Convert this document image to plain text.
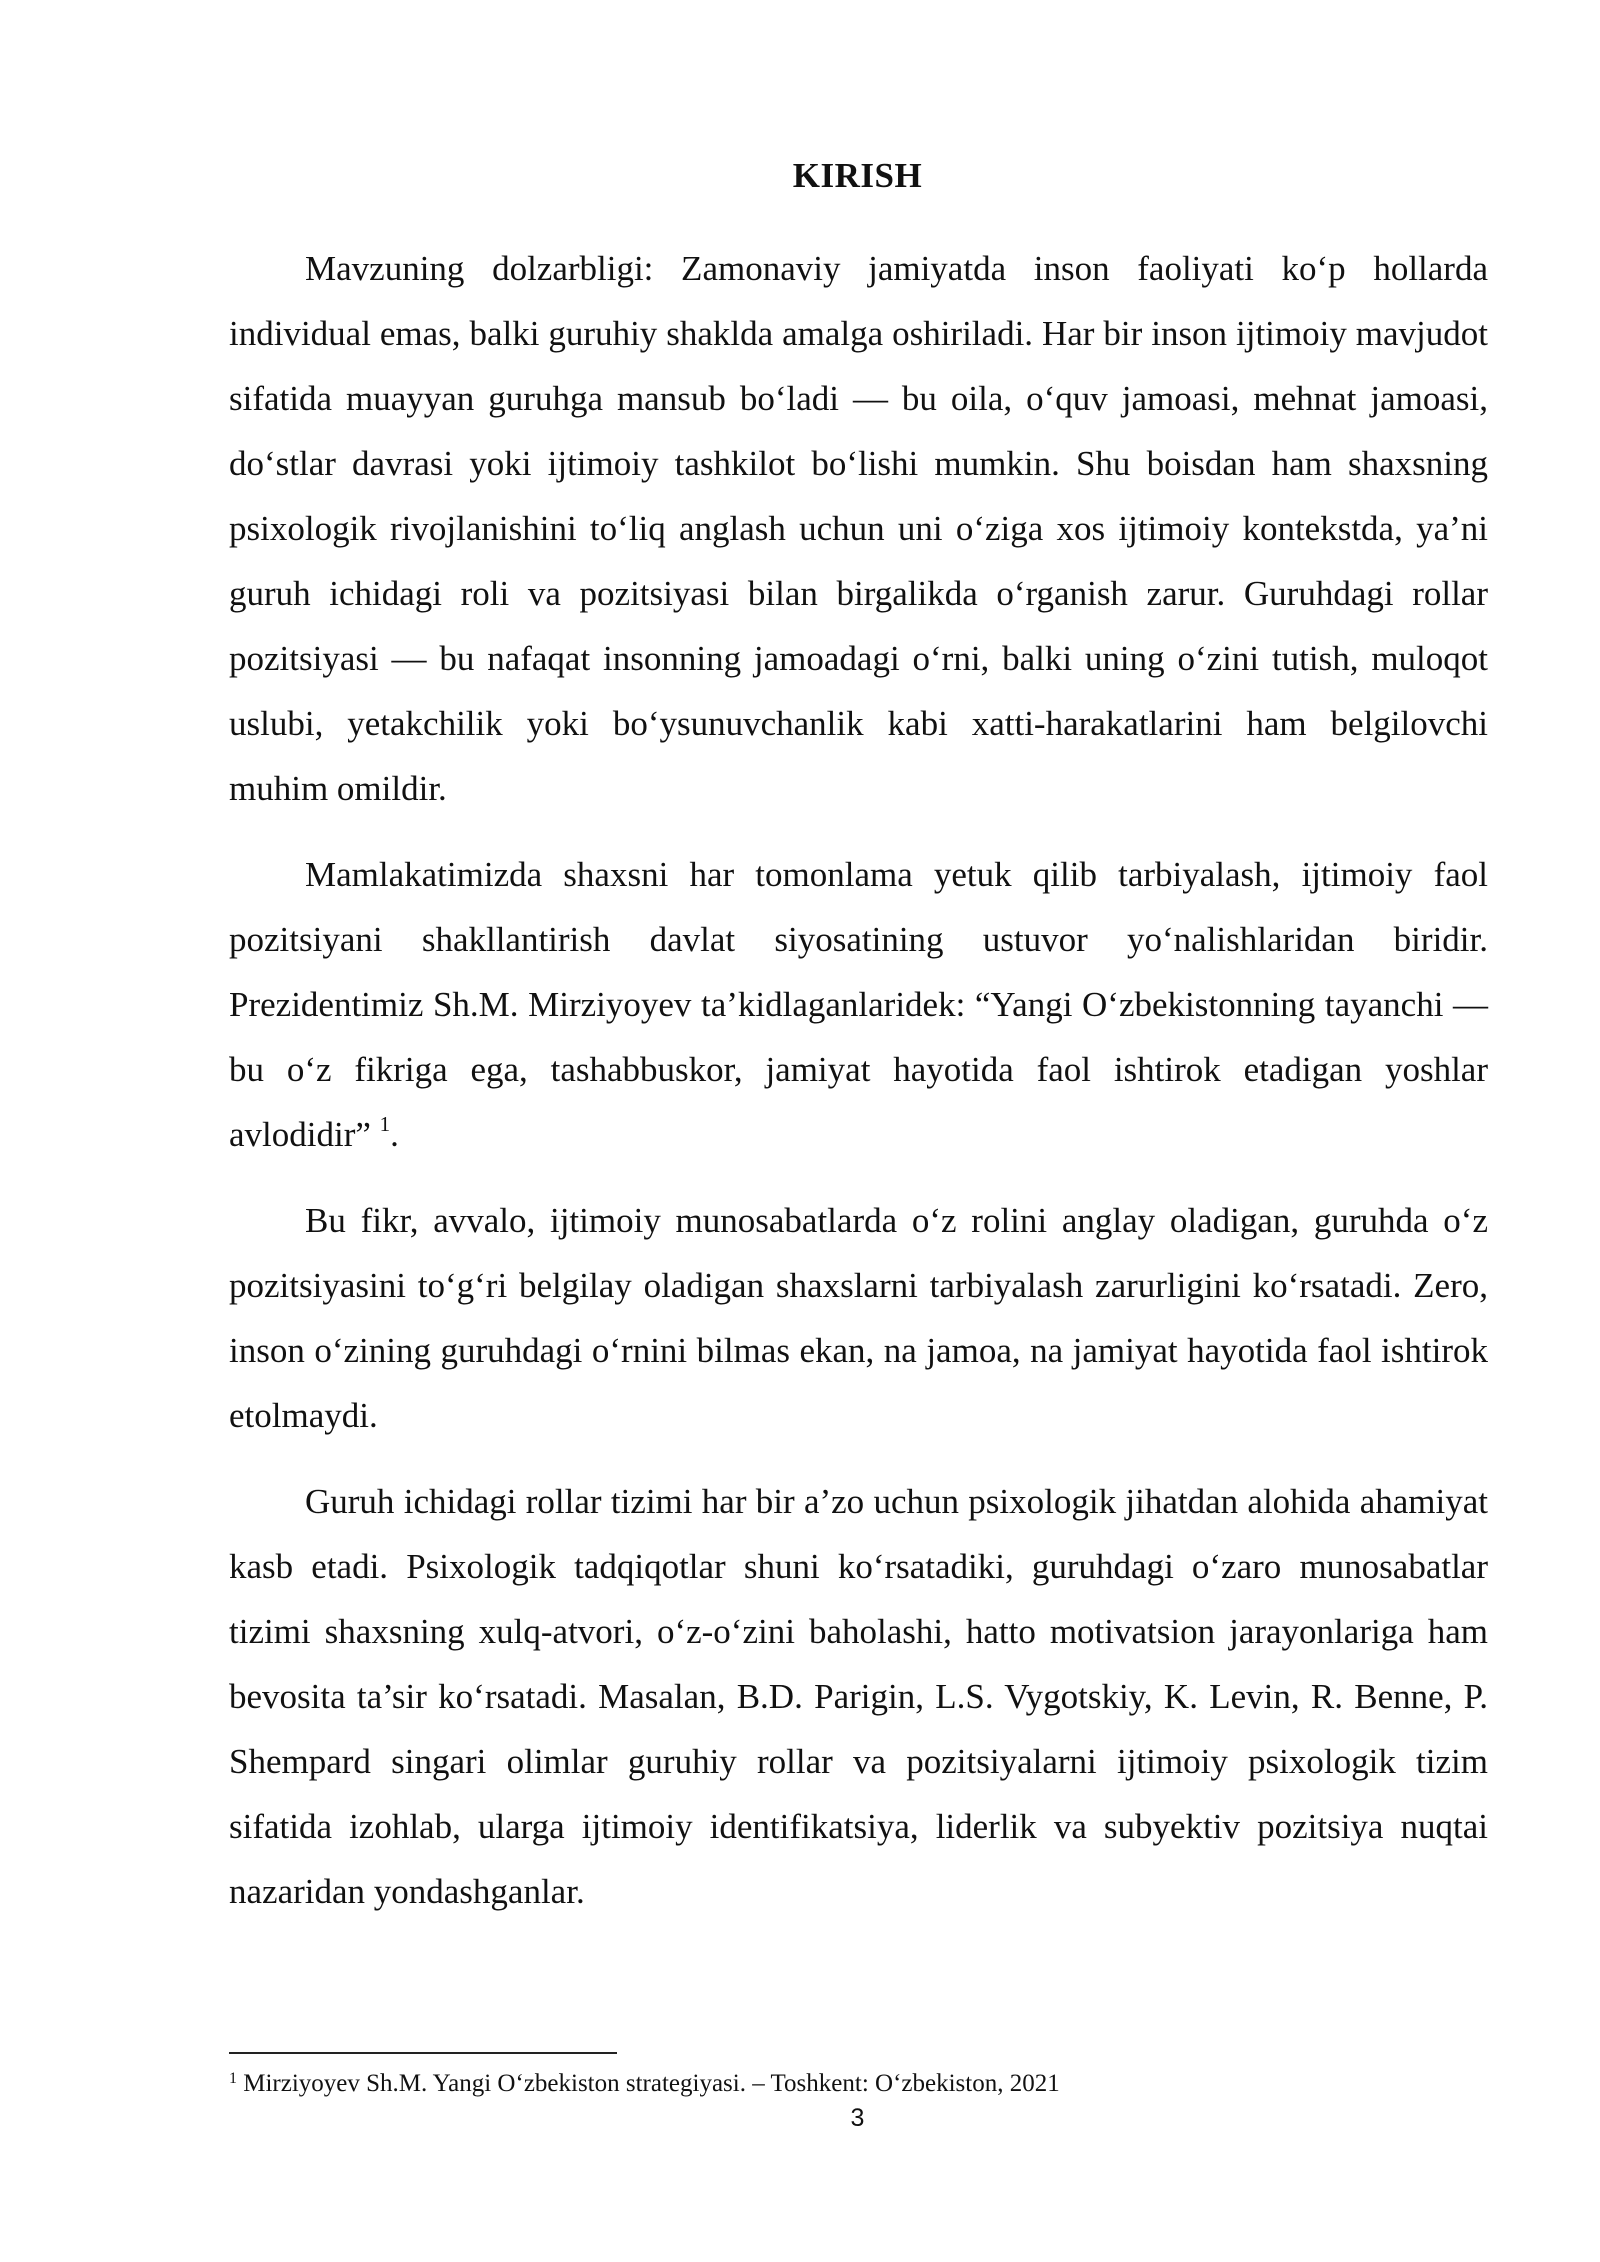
KIRISH

Mavzuning dolzarbligi: Zamonaviy jamiyatda inson faoliyati ko‘p hollarda individual emas, balki guruhiy shaklda amalga oshiriladi. Har bir inson ijtimoiy mavjudot sifatida muayyan guruhga mansub bo‘ladi — bu oila, o‘quv jamoasi, mehnat jamoasi, do‘stlar davrasi yoki ijtimoiy tashkilot bo‘lishi mumkin. Shu boisdan ham shaxsning psixologik rivojlanishini to‘liq anglash uchun uni o‘ziga xos ijtimoiy kontekstda, ya’ni guruh ichidagi roli va pozitsiyasi bilan birgalikda o‘rganish zarur. Guruhdagi rollar pozitsiyasi — bu nafaqat insonning jamoadagi o‘rni, balki uning o‘zini tutish, muloqot uslubi, yetakchilik yoki bo‘ysunuvchanlik kabi xatti-harakatlarini ham belgilovchi muhim omildir.

Mamlakatimizda shaxsni har tomonlama yetuk qilib tarbiyalash, ijtimoiy faol pozitsiyani shakllantirish davlat siyosatining ustuvor yo‘nalishlaridan biridir. Prezidentimiz Sh.M. Mirziyoyev ta’kidlaganlaridek: “Yangi O‘zbekistonning tayanchi — bu o‘z fikriga ega, tashabbuskor, jamiyat hayotida faol ishtirok etadigan yoshlar avlodidir” $^1$.

Bu fikr, avvalo, ijtimoiy munosabatlarda o‘z rolini anglay oladigan, guruhda o‘z pozitsiyasini to‘g‘ri belgilay oladigan shaxslarni tarbiyalash zarurligini ko‘rsatadi. Zero, inson o‘zining guruhdagi o‘rnini bilmas ekan, na jamoa, na jamiyat hayotida faol ishtirok etolmaydi.

Guruh ichidagi rollar tizimi har bir a’zo uchun psixologik jihatdan alohida ahamiyat kasb etadi. Psixologik tadqiqotlar shuni ko‘rsatadiki, guruhdagi o‘zaro munosabatlar tizimi shaxsning xulq-atvori, o‘z-o‘zini baholashi, hatto motivatsion jarayonlariga ham bevosita ta’sir ko‘rsatadi. Masalan, B.D. Parigin, L.S. Vygotskiy, K. Levin, R. Benne, P. Shempard singari olimlar guruhiy rollar va pozitsiyalarni ijtimoiy psixologik tizim sifatida izohlab, ularga ijtimoiy identifikatsiya, liderlik va subyektiv pozitsiya nuqtai nazaridan yondashganlar.

$^1$ Mirziyoyev Sh.M. Yangi O‘zbekiston strategiyasi. – Toshkent: O‘zbekiston, 2021
3
